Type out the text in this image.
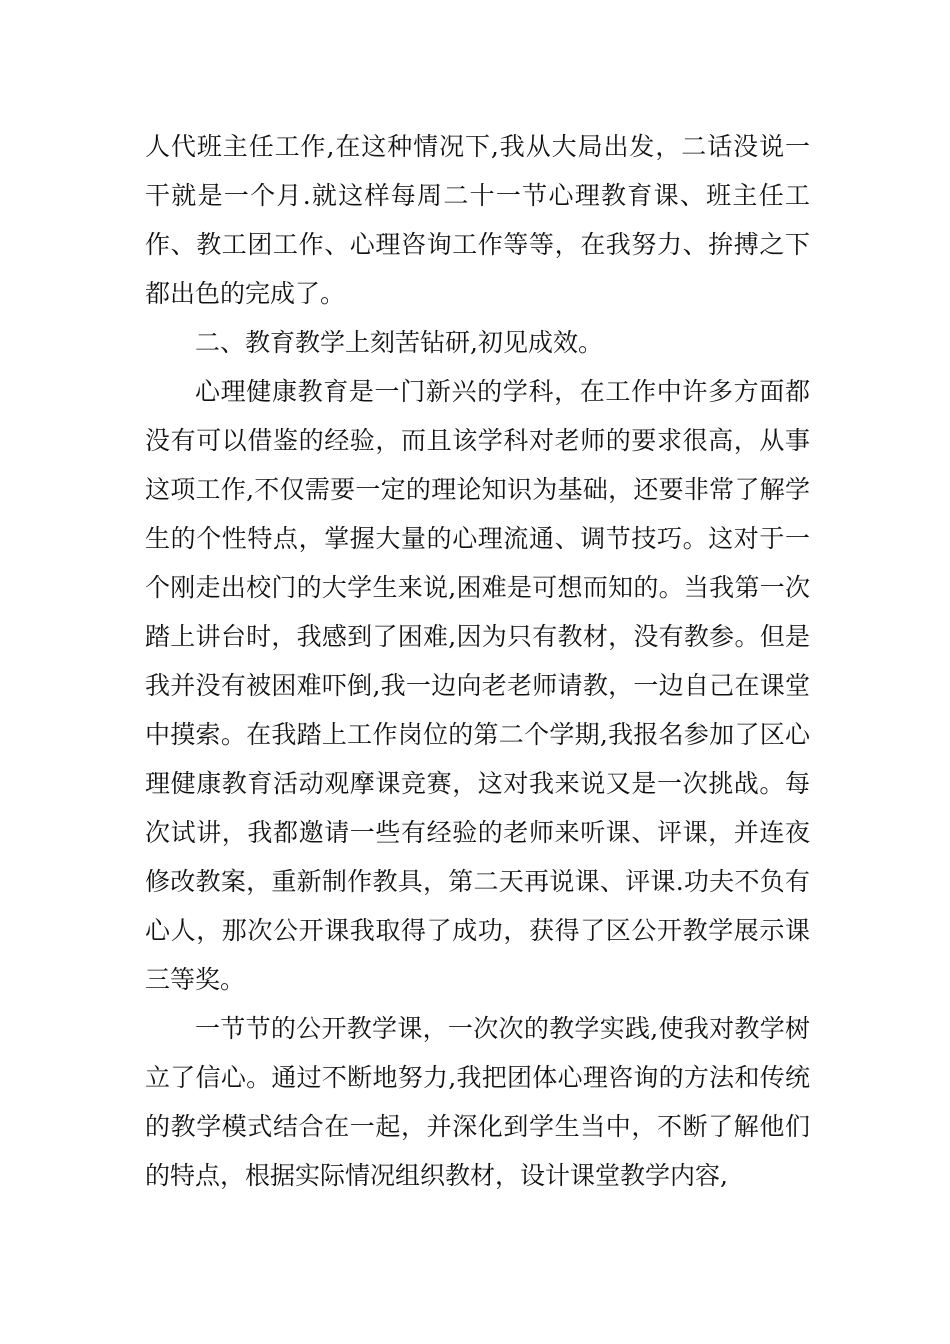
人代班主任工作,在这种情况下,我从大局出发，二话没说一干就是一个月.就这样每周二十一节心理教育课、班主任工作、教工团工作、心理咨询工作等等，在我努力、拚搏之下都出色的完成了。

二、教育教学上刻苦钻研,初见成效。

心理健康教育是一门新兴的学科，在工作中许多方面都没有可以借鉴的经验，而且该学科对老师的要求很高，从事这项工作,不仅需要一定的理论知识为基础，还要非常了解学生的个性特点，掌握大量的心理流通、调节技巧。这对于一个刚走出校门的大学生来说,困难是可想而知的。当我第一次踏上讲台时，我感到了困难,因为只有教材，没有教参。但是我并没有被困难吓倒,我一边向老老师请教，一边自己在课堂中摸索。在我踏上工作岗位的第二个学期,我报名参加了区心理健康教育活动观摩课竞赛，这对我来说又是一次挑战。每次试讲，我都邀请一些有经验的老师来听课、评课，并连夜修改教案，重新制作教具，第二天再说课、评课.功夫不负有心人，那次公开课我取得了成功，获得了区公开教学展示课三等奖。

一节节的公开教学课，一次次的教学实践,使我对教学树立了信心。通过不断地努力,我把团体心理咨询的方法和传统的教学模式结合在一起，并深化到学生当中，不断了解他们的特点，根据实际情况组织教材，设计课堂教学内容,
